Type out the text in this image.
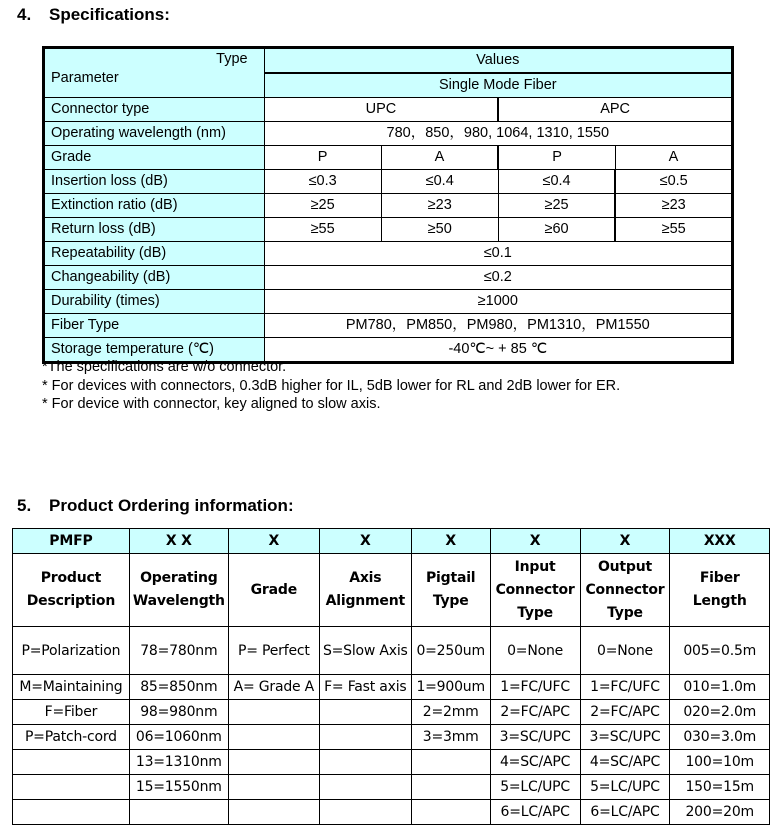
4. Specifications:
Type
Parameter	Values			
	Single Mode Fiber			
Connector type	UPC		APC	
Operating wavelength (nm)	780，850，980, 1064, 1310, 1550			
Grade	P	A	P	A
Insertion loss (dB)	≤0.3	≤0.4	≤0.4	≤0.5
Extinction ratio (dB)	≥25	≥23	≥25	≥23
Return loss (dB)	≥55	≥50	≥60	≥55
Repeatability (dB)	≤0.1			
Changeability (dB)	≤0.2			
Durability (times)	≥1000			
Fiber Type	PM780，PM850，PM980，PM1310，PM1550			
Storage temperature (℃)	-40℃~ + 85 ℃			
*The specifications are w/o connector.
* For devices with connectors, 0.3dB higher for IL, 5dB lower for RL and 2dB lower for ER.
* For device with connector, key aligned to slow axis.
5. Product Ordering information:
PMFP	X X	X	X	X	X	X	XXX
Product Description	Operating Wavelength	Grade	Axis Alignment	Pigtail Type	Input Connector Type	Output Connector Type	Fiber Length
P=Polarization	78=780nm	P= Perfect	S=Slow Axis	0=250um	0=None	0=None	005=0.5m
M=Maintaining	85=850nm	A= Grade A	F= Fast axis	1=900um	1=FC/UFC	1=FC/UFC	010=1.0m
F=Fiber	98=980nm			2=2mm	2=FC/APC	2=FC/APC	020=2.0m
P=Patch-cord	06=1060nm			3=3mm	3=SC/UPC	3=SC/UPC	030=3.0m
	13=1310nm				4=SC/APC	4=SC/APC	100=10m
	15=1550nm				5=LC/UPC	5=LC/UPC	150=15m
					6=LC/APC	6=LC/APC	200=20m
